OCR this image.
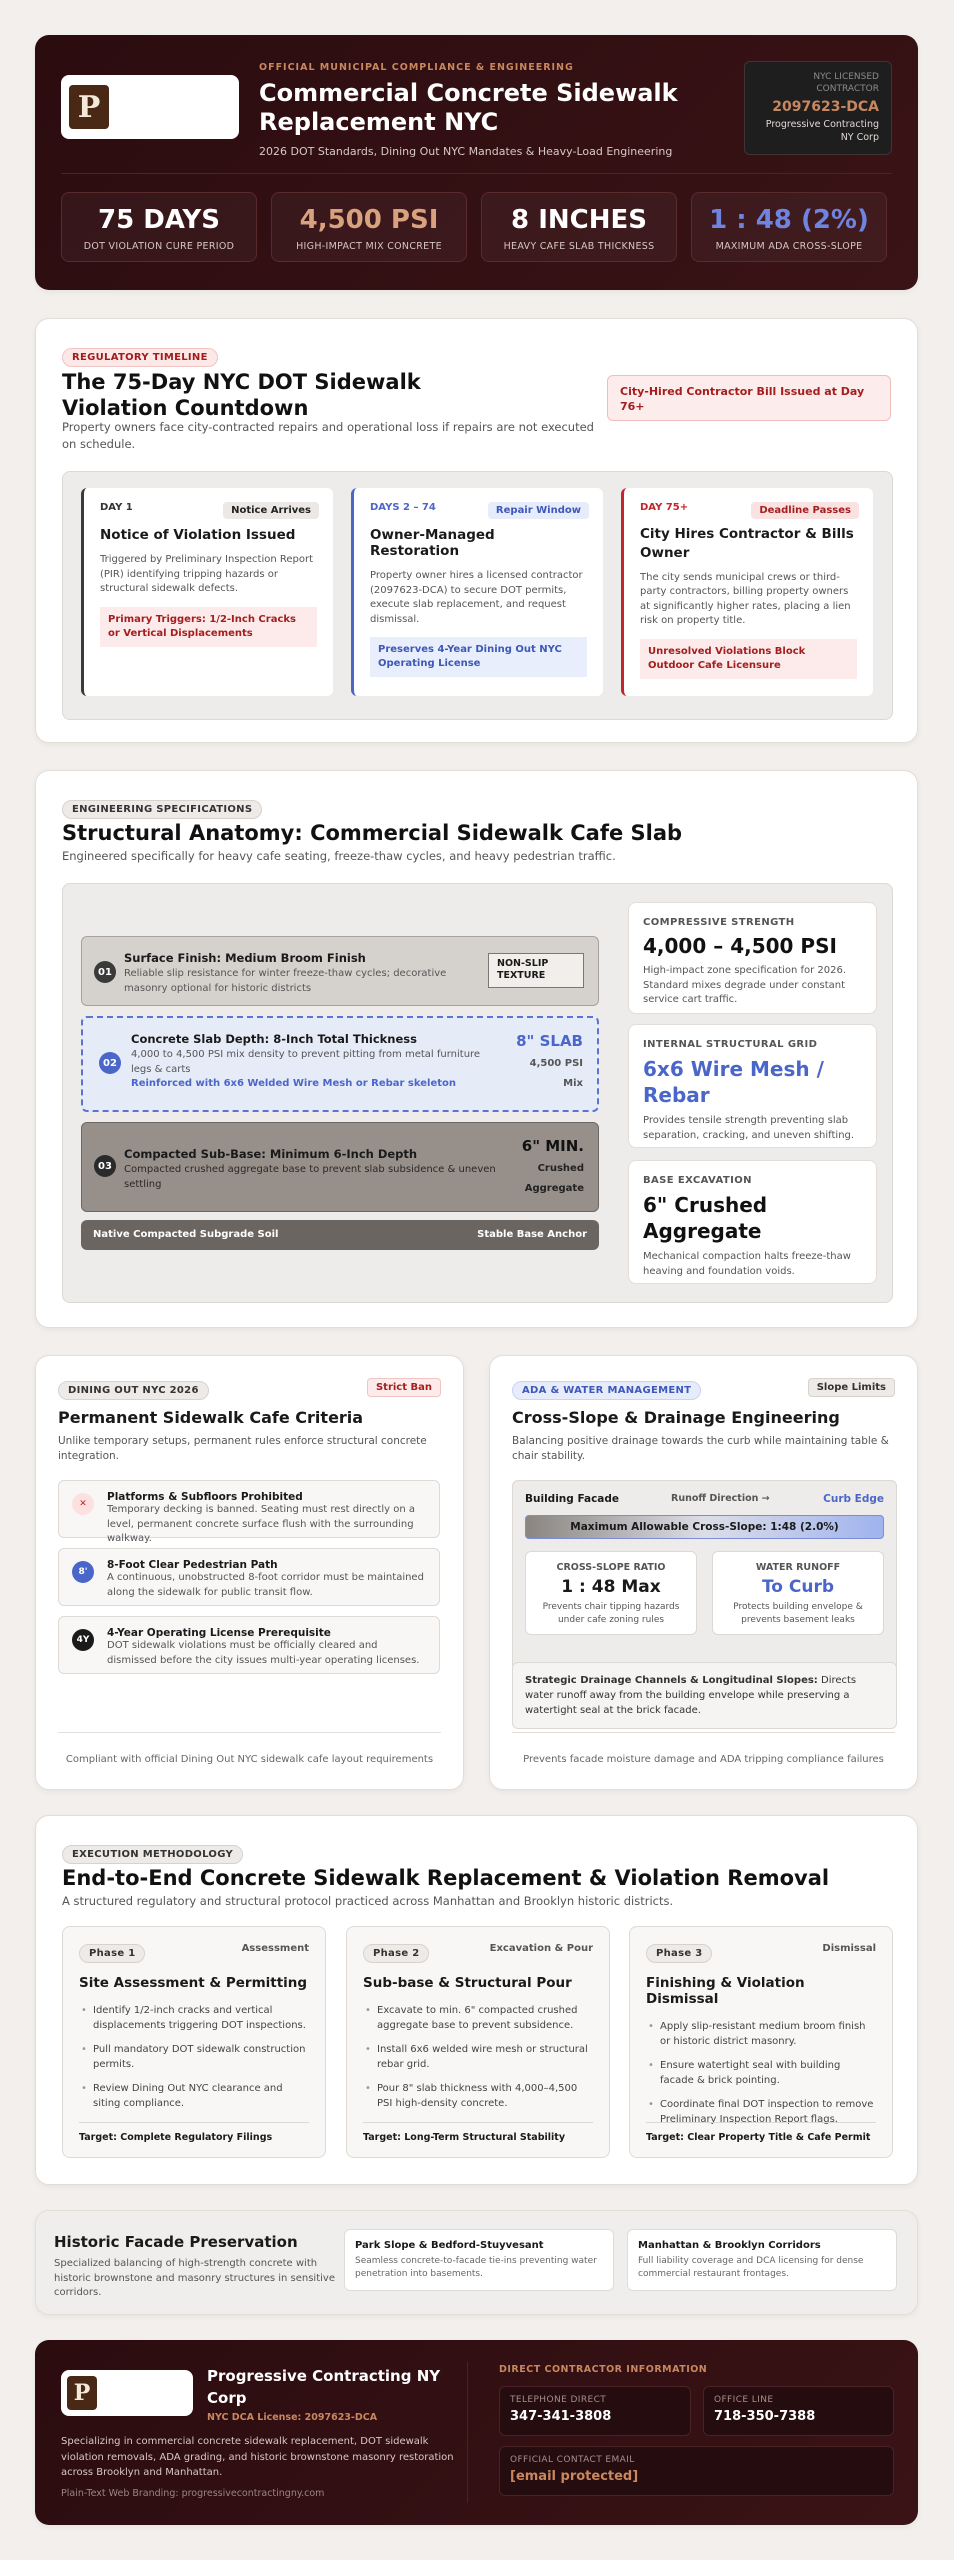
P
OFFICIAL MUNICIPAL COMPLIANCE & ENGINEERING
Commercial Concrete Sidewalk Replacement NYC
2026 DOT Standards, Dining Out NYC Mandates & Heavy-Load Engineering
NYC LICENSED CONTRACTOR
2097623-DCA
Progressive Contracting NY Corp
75 DAYS
DOT VIOLATION CURE PERIOD
4,500 PSI
HIGH-IMPACT MIX CONCRETE
8 INCHES
HEAVY CAFE SLAB THICKNESS
1 : 48 (2%)
MAXIMUM ADA CROSS-SLOPE
REGULATORY TIMELINE
The 75-Day NYC DOT Sidewalk Violation Countdown
Property owners face city-contracted repairs and operational loss if repairs are not executed on schedule.
City-Hired Contractor Bill Issued at Day 76+
DAY 1	Notice Arrives
Notice of Violation Issued
Triggered by Preliminary Inspection Report (PIR) identifying tripping hazards or structural sidewalk defects.
Primary Triggers: 1/2-Inch Cracks or Vertical Displacements
DAYS 2 – 74	Repair Window
Owner-Managed Restoration
Property owner hires a licensed contractor (2097623-DCA) to secure DOT permits, execute slab replacement, and request dismissal.
Preserves 4-Year Dining Out NYC Operating License
DAY 75+	Deadline Passes
City Hires Contractor & Bills Owner
The city sends municipal crews or third-party contractors, billing property owners at significantly higher rates, placing a lien risk on property title.
Unresolved Violations Block Outdoor Cafe Licensure
ENGINEERING SPECIFICATIONS
Structural Anatomy: Commercial Sidewalk Cafe Slab
Engineered specifically for heavy cafe seating, freeze-thaw cycles, and heavy pedestrian traffic.
01
Surface Finish: Medium Broom Finish
Reliable slip resistance for winter freeze-thaw cycles; decorative masonry optional for historic districts
NON-SLIP TEXTURE
02
Concrete Slab Depth: 8-Inch Total Thickness
4,000 to 4,500 PSI mix density to prevent pitting from metal furniture legs & carts
Reinforced with 6x6 Welded Wire Mesh or Rebar skeleton
8" SLAB
4,500 PSI
Mix
03
Compacted Sub-Base: Minimum 6-Inch Depth
Compacted crushed aggregate base to prevent slab subsidence & uneven settling
6" MIN.
Crushed
Aggregate
Native Compacted Subgrade Soil	Stable Base Anchor
COMPRESSIVE STRENGTH
4,000 – 4,500 PSI
High-impact zone specification for 2026. Standard mixes degrade under constant service cart traffic.
INTERNAL STRUCTURAL GRID
6x6 Wire Mesh / Rebar
Provides tensile strength preventing slab separation, cracking, and uneven shifting.
BASE EXCAVATION
6" Crushed Aggregate
Mechanical compaction halts freeze-thaw heaving and foundation voids.
DINING OUT NYC 2026	Strict Ban
Permanent Sidewalk Cafe Criteria
Unlike temporary setups, permanent rules enforce structural concrete integration.
✕
Platforms & Subfloors Prohibited
Temporary decking is banned. Seating must rest directly on a level, permanent concrete surface flush with the surrounding walkway.
8'
8-Foot Clear Pedestrian Path
A continuous, unobstructed 8-foot corridor must be maintained along the sidewalk for public transit flow.
4Y
4-Year Operating License Prerequisite
DOT sidewalk violations must be officially cleared and dismissed before the city issues multi-year operating licenses.
Compliant with official Dining Out NYC sidewalk cafe layout requirements
ADA & WATER MANAGEMENT	Slope Limits
Cross-Slope & Drainage Engineering
Balancing positive drainage towards the curb while maintaining table & chair stability.
Building Facade	Runoff Direction →	Curb Edge
Maximum Allowable Cross-Slope: 1:48 (2.0%)
CROSS-SLOPE RATIO
1 : 48 Max
Prevents chair tipping hazards under cafe zoning rules
WATER RUNOFF
To Curb
Protects building envelope & prevents basement leaks
Strategic Drainage Channels & Longitudinal Slopes: Directs water runoff away from the building envelope while preserving a watertight seal at the brick facade.
Prevents facade moisture damage and ADA tripping compliance failures
EXECUTION METHODOLOGY
End-to-End Concrete Sidewalk Replacement & Violation Removal
A structured regulatory and structural protocol practiced across Manhattan and Brooklyn historic districts.
Phase 1	Assessment
Site Assessment & Permitting
• Identify 1/2-inch cracks and vertical displacements triggering DOT inspections.
• Pull mandatory DOT sidewalk construction permits.
• Review Dining Out NYC clearance and siting compliance.
Target: Complete Regulatory Filings
Phase 2	Excavation & Pour
Sub-base & Structural Pour
• Excavate to min. 6" compacted crushed aggregate base to prevent subsidence.
• Install 6x6 welded wire mesh or structural rebar grid.
• Pour 8" slab thickness with 4,000–4,500 PSI high-density concrete.
Target: Long-Term Structural Stability
Phase 3	Dismissal
Finishing & Violation Dismissal
• Apply slip-resistant medium broom finish or historic district masonry.
• Ensure watertight seal with building facade & brick pointing.
• Coordinate final DOT inspection to remove Preliminary Inspection Report flags.
Target: Clear Property Title & Cafe Permit
Historic Facade Preservation
Specialized balancing of high-strength concrete with historic brownstone and masonry structures in sensitive corridors.
Park Slope & Bedford-Stuyvesant
Seamless concrete-to-facade tie-ins preventing water penetration into basements.
Manhattan & Brooklyn Corridors
Full liability coverage and DCA licensing for dense commercial restaurant frontages.
P
Progressive Contracting NY Corp
NYC DCA License: 2097623-DCA
Specializing in commercial concrete sidewalk replacement, DOT sidewalk violation removals, ADA grading, and historic brownstone masonry restoration across Brooklyn and Manhattan.
Plain-Text Web Branding: progressivecontractingny.com
DIRECT CONTRACTOR INFORMATION
TELEPHONE DIRECT
347-341-3808
OFFICE LINE
718-350-7388
OFFICIAL CONTACT EMAIL
[email protected]
